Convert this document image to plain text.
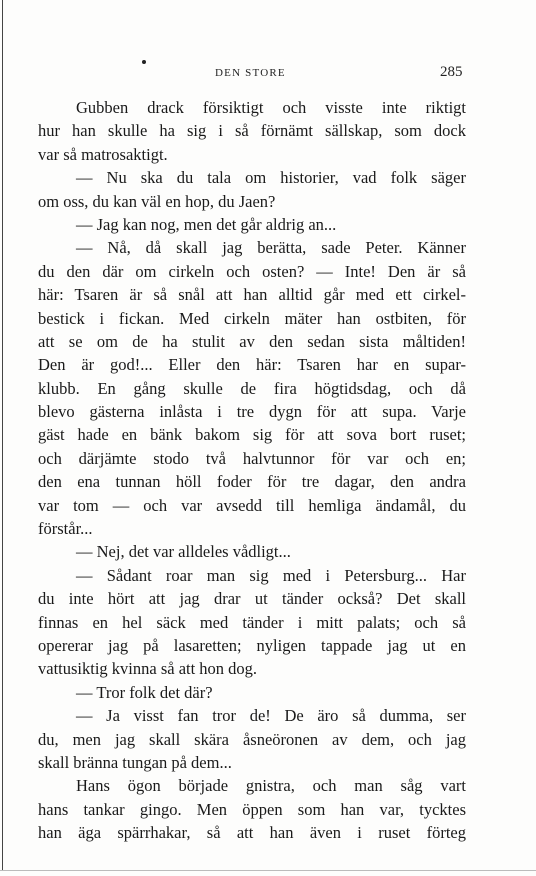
DEN STORE	285
Gubben drack försiktigt och visste inte riktigt
hur han skulle ha sig i så förnämt sällskap, som dock
var så matrosaktigt.
— Nu ska du tala om historier, vad folk säger
om oss, du kan väl en hop, du Jaen?
— Jag kan nog, men det går aldrig an...
— Nå, då skall jag berätta, sade Peter. Känner
du den där om cirkeln och osten? — Inte! Den är så
här: Tsaren är så snål att han alltid går med ett cirkel-
bestick i fickan. Med cirkeln mäter han ostbiten, för
att se om de ha stulit av den sedan sista måltiden!
Den är god!... Eller den här: Tsaren har en supar-
klubb. En gång skulle de fira högtidsdag, och då
blevo gästerna inlåsta i tre dygn för att supa. Varje
gäst hade en bänk bakom sig för att sova bort ruset;
och därjämte stodo två halvtunnor för var och en;
den ena tunnan höll foder för tre dagar, den andra
var tom — och var avsedd till hemliga ändamål, du
förstår...
— Nej, det var alldeles vådligt...
— Sådant roar man sig med i Petersburg... Har
du inte hört att jag drar ut tänder också? Det skall
finnas en hel säck med tänder i mitt palats; och så
opererar jag på lasaretten; nyligen tappade jag ut en
vattusiktig kvinna så att hon dog.
— Tror folk det där?
— Ja visst fan tror de! De äro så dumma, ser
du, men jag skall skära åsneöronen av dem, och jag
skall bränna tungan på dem...
Hans ögon började gnistra, och man såg vart
hans tankar gingo. Men öppen som han var, tycktes
han äga spärrhakar, så att han även i ruset förteg
